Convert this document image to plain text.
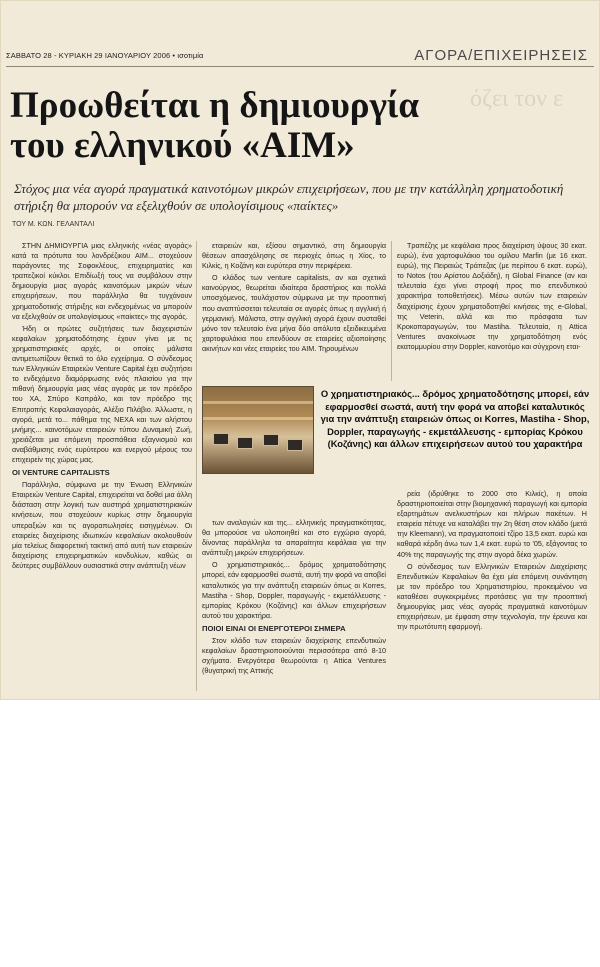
ΣΑΒΒΑΤΟ 28 - ΚΥΡΙΑΚΗ 29 ΙΑΝΟΥΑΡΙΟΥ 2006 • ισοτιμία	ΑΓΟΡΑ/ΕΠΙΧΕΙΡΗΣΕΙΣ
όζει τον ε
Προωθείται η δημιουργία
του ελληνικού «AIM»
Στόχος μια νέα αγορά πραγματικά καινοτόμων μικρών επιχειρήσεων, που με την κατάλληλη χρηματοδοτική στήριξη θα μπορούν να εξελιχθούν σε υπολογίσιμους «παίκτες»
ΤΟΥ Μ. ΚΩΝ. ΓΕΛΑΝΤΑΛΙ

ΣΤΗΝ ΔΗΜΙΟΥΡΓΙΑ μιας ελληνικής «νέας αγοράς» κατά τα πρότυπα του λονδρέζικου AIM... στοχεύουν παράγοντες της Σοφοκλέους, επιχειρηματίες και τραπεζικοί κύκλοι. Επιδίωξή τους να συμβάλουν στην δημιουργία μιας αγοράς καινοτόμων μικρών νέων επιχειρήσεων, που παράλληλα θα τυγχάνουν χρηματοδοτικής στήριξης και ενδεχομένως να μπορούν να εξελιχθούν σε υπολογίσιμους «παίκτες» της αγοράς.

Ήδη οι πρώτες συζητήσεις των διαχειριστών κεφαλαίων χρηματοδότησης έχουν γίνει με τις χρηματιστηριακές αρχές, οι οποίες μάλιστα αντιμετωπίζουν θετικά το όλο εγχείρημα. Ο σύνδεσμος των Ελληνικών Εταιρειών Venture Capital έχει συζητήσει το ενδεχόμενο διαμόρφωσης ενός πλαισίου για την πιθανή δημιουργία μιας νέας αγοράς με τον πρόεδρο του ΧΑ, Σπύρο Καπράλο, και τον πρόεδρο της Επιτροπής Κεφαλαιαγοράς, Αλέξιο Πιλάβιο. Άλλωστε, η αγορά, μετά το... πάθημα της ΝΕΧΑ και των αλήστου μνήμης... καινοτόμων εταιρειών τύπου Δυναμική Ζωή, χρειάζεται μια επόμενη προσπάθεια εξαγνισμού και αναβάθμισης ενός ευρύτερου και ενεργού μέρους του επιχειρείν της χώρας μας.

ΟΙ VENTURE CAPITALISTS

Παράλληλα, σύμφωνα με την Ένωση Ελληνικών Εταιρειών Venture Capital, επιχειρείται να δοθεί μια άλλη διάσταση στην λογική των αυστηρά χρηματιστηριακών κινήσεων, που στοχεύουν κυρίως στην δημιουργία υπεραξιών και τις αγοραπωλησίες εισηγμένων. Οι εταιρείες διαχείρισης ιδιωτικών κεφαλαίων ακολουθούν μία τελείως διαφορετική τακτική από αυτή των εταιρειών διαχείρισης επιχειρηματικών κονδυλίων, καθώς οι δεύτερες συμβάλλουν ουσιαστικά στην ανάπτυξη νέων

εταιρειών και, εξίσου σημαντικό, στη δημιουργία θέσεων απασχόλησης σε περιοχές όπως η Χίος, το Κιλκίς, η Κοζάνη και ευρύτερα στην περιφέρεια.

Ο κλάδος των venture capitalists, αν και σχετικά καινούργιος, θεωρείται ιδιαίτερα δραστήριος και πολλά υποσχόμενος, τουλάχιστον σύμφωνα με την προοπτική που αναπτύσσεται τελευταία σε αγορές όπως η αγγλική ή γερμανική. Μάλιστα, στην αγγλική αγορά έχουν συσταθεί μόνο τον τελευταίο ένα μήνα δύο απόλυτα εξειδικευμένα χαρτοφυλάκια που επενδύουν σε εταιρείες αξιοποίησης ακινήτων και νέες εταιρείες του AIM. Τηρουμένων

Τραπέζης με κεφάλαια προς διαχείριση ύψους 30 εκατ. ευρώ), ένα χαρτοφυλάκιο του ομίλου Marfin (με 16 εκατ. ευρώ), της Πειραιώς Τράπεζας (με περίπου 6 εκατ. ευρώ), το Notos (του Αρίστου Δοξιάδη), η Global Finance (αν και τελευταία έχει γίνει στροφή προς πιο επενδυτικού χαρακτήρα τοποθετήσεις). Μέσω αυτών των εταιρειών διαχείρισης έχουν χρηματοδοτηθεί κινήσεις της e-Global, της Veterin, αλλά και πιο πρόσφατα των Κροκοπαραγωγών, του Mastiha. Τελευταία, η Attica Ventures ανακοίνωσε την χρηματοδότηση ενός εκατομμυρίου στην Doppler, καινοτόμο και σύγχρονη εται-

Ο χρηματιστηριακός... δρόμος χρηματοδότησης μπορεί, εάν εφαρμοσθεί σωστά, αυτή την φορά να αποβεί καταλυτικός για την ανάπτυξη εταιρειών όπως οι Korres, Mastiha - Shop, Doppler, παραγωγής - εκμετάλλευσης - εμπορίας Κρόκου (Κοζάνης) και άλλων επιχειρήσεων αυτού του χαρακτήρα

των αναλογιών και της... ελληνικής πραγματικότητας, θα μπορούσε να υλοποιηθεί και στο εγχώριο αγορά, δίνοντας παράλληλα τα απαραίτητα κεφάλαια για την ανάπτυξη μικρών επιχειρήσεων.

Ο χρηματιστηριακός... δρόμος χρηματοδότησης μπορεί, εάν εφαρμοσθεί σωστά, αυτή την φορά να αποβεί καταλυτικός για την ανάπτυξη εταιρειών όπως οι Korres, Mastiha - Shop, Doppler, παραγωγής - εκμετάλλευσης - εμπορίας Κρόκου (Κοζάνης) και άλλων επιχειρήσεων αυτού του χαρακτήρα.

ΠΟΙΟΙ ΕΙΝΑΙ ΟΙ ΕΝΕΡΓΟΤΕΡΟΙ ΣΗΜΕΡΑ

Στον κλάδο των εταιρειών διαχείρισης επενδυτικών κεφαλαίων δραστηριοποιούνται περισσότερα από 8-10 σχήματα. Ενεργότερα θεωρούνται η Attica Ventures (θυγατρική της Αττικής

ρεία (ιδρύθηκε το 2000 στο Κιλκίς), η οποία δραστηριοποιείται στην βιομηχανική παραγωγή και εμπορία εξαρτημάτων ανελκυστήρων και πλήρων πακέτων. Η εταιρεία πέτυχε να καταλάβει την 2η θέση στον κλάδο (μετά την Kleemann), να πραγματοποιεί τζίρο 13,5 εκατ. ευρώ και καθαρά κέρδη άνω των 1,4 εκατ. ευρώ το '05, εξάγοντας το 40% της παραγωγής της στην αγορά δέκα χωρών.

Ο σύνδεσμος των Ελληνικών Εταιρειών Διαχείρισης Επενδυτικών Κεφαλαίων θα έχει μία επόμενη συνάντηση με τον πρόεδρο του Χρηματιστηρίου, προκειμένου να καταθέσει συγκεκριμένες προτάσεις για την προοπτική δημιουργίας μιας νέας αγοράς πραγματικά καινοτόμων επιχειρήσεων, με έμφαση στην τεχνολογία, την έρευνα και την πρωτότυπη εφαρμογή.
